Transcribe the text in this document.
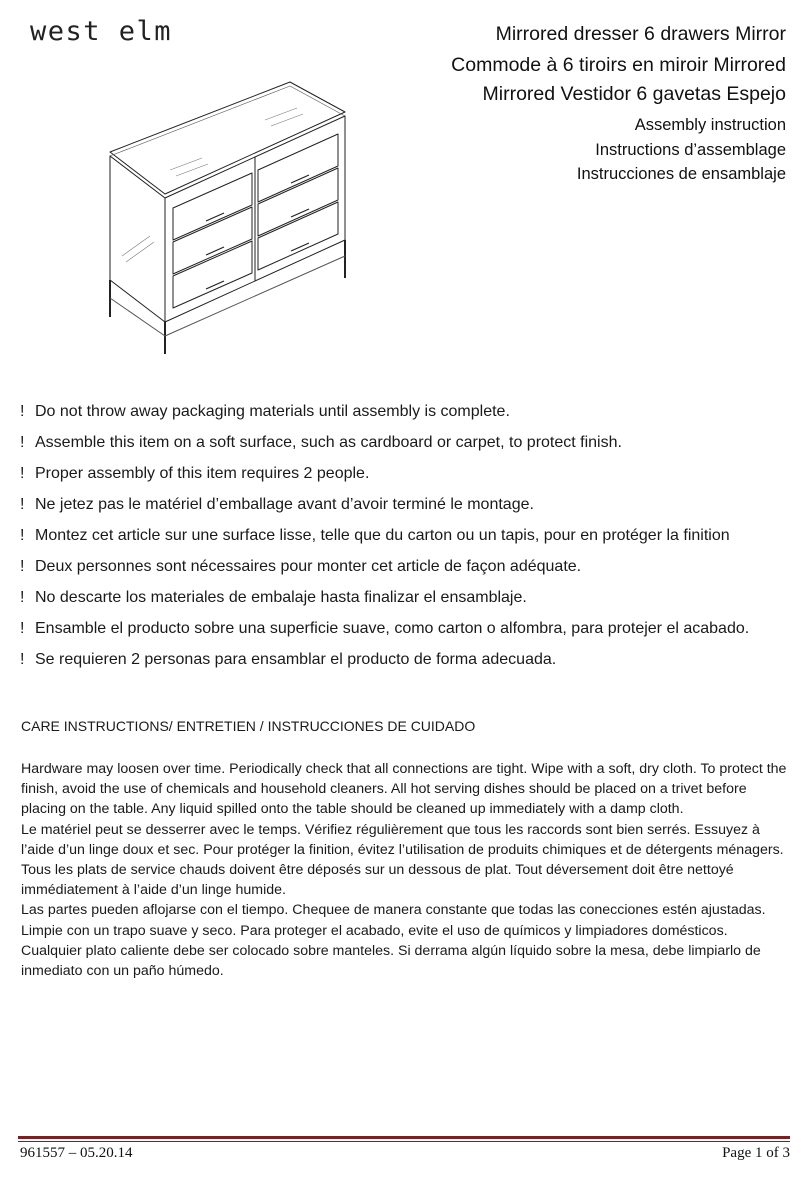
west elm	Mirrored dresser 6 drawers Mirror

Commode à 6 tiroirs en miroir Mirrored

Mirrored Vestidor 6 gavetas Espejo

Assembly instruction

Instructions d’assemblage

Instrucciones de ensamblaje

! Do not throw away packaging materials until assembly is complete.
! Assemble this item on a soft surface, such as cardboard or carpet, to protect finish.
! Proper assembly of this item requires 2 people.
! Ne jetez pas le matériel d’emballage avant d’avoir terminé le montage.
! Montez cet article sur une surface lisse, telle que du carton ou un tapis, pour en protéger la finition
! Deux personnes sont nécessaires pour monter cet article de façon adéquate.
! No descarte los materiales de embalaje hasta finalizar el ensamblaje.
! Ensamble el producto sobre una superficie suave, como carton o alfombra, para protejer el acabado.
! Se requieren 2 personas para ensamblar el producto de forma adecuada.
CARE INSTRUCTIONS/ ENTRETIEN / INSTRUCCIONES DE CUIDADO

Hardware may loosen over time. Periodically check that all connections are tight. Wipe with a soft, dry cloth. To protect the finish, avoid the use of chemicals and household cleaners. All hot serving dishes should be placed on a trivet before placing on the table. Any liquid spilled onto the table should be cleaned up immediately with a damp cloth.

Le matériel peut se desserrer avec le temps. Vérifiez régulièrement que tous les raccords sont bien serrés. Essuyez à l’aide d’un linge doux et sec. Pour protéger la finition, évitez l’utilisation de produits chimiques et de détergents ménagers. Tous les plats de service chauds doivent être déposés sur un dessous de plat. Tout déversement doit être nettoyé immédiatement à l’aide d’un linge humide.

Las partes pueden aflojarse con el tiempo. Chequee de manera constante que todas las conecciones estén ajustadas.

Limpie con un trapo suave y seco. Para proteger el acabado, evite el uso de químicos y limpiadores domésticos. Cualquier plato caliente debe ser colocado sobre manteles. Si derrama algún líquido sobre la mesa, debe limpiarlo de inmediato con un paño húmedo.

961557 – 05.20.14	Page 1 of 3
